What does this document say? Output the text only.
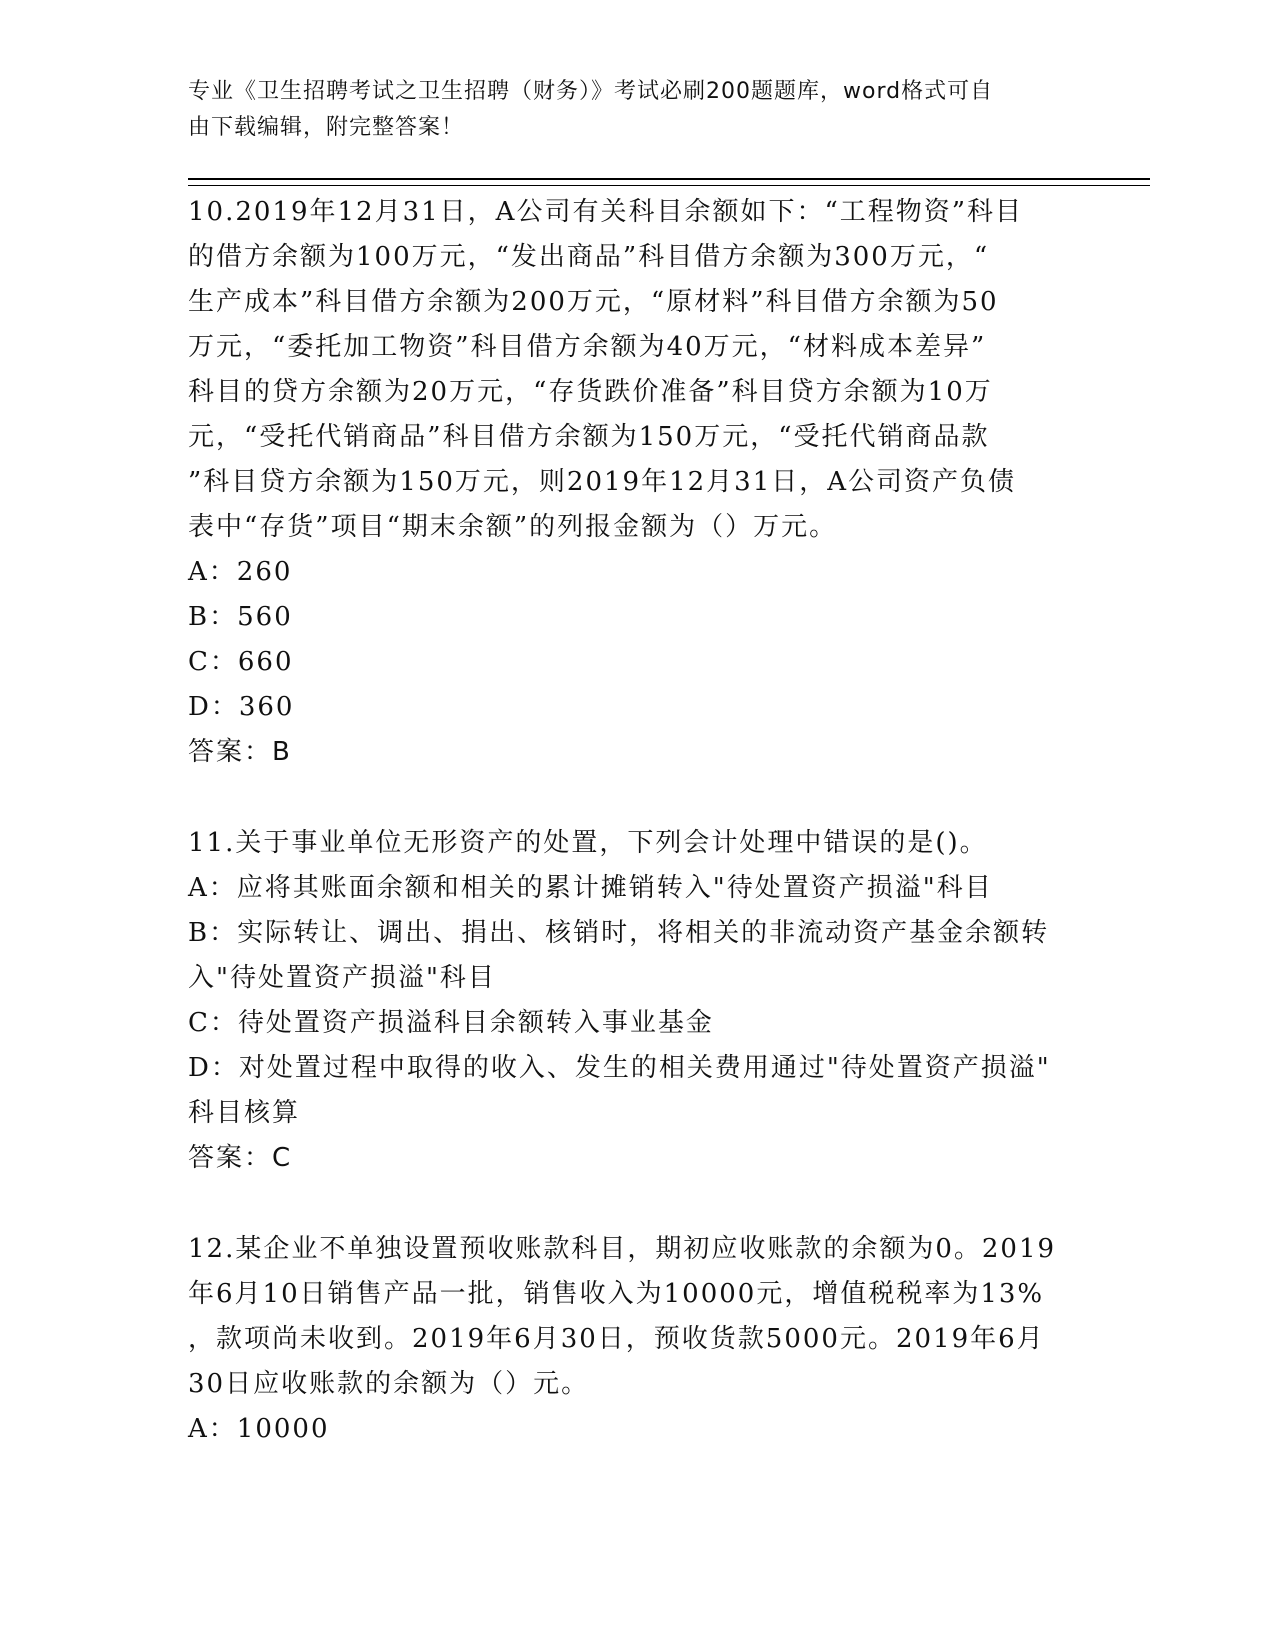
专业《卫生招聘考试之卫生招聘（财务）》考试必刷200题题库，word格式可自
由下载编辑，附完整答案！

10.2019年12月31日，A公司有关科目余额如下：“工程物资”科目
的借方余额为100万元，“发出商品”科目借方余额为300万元，“
生产成本”科目借方余额为200万元，“原材料”科目借方余额为50
万元，“委托加工物资”科目借方余额为40万元，“材料成本差异”
科目的贷方余额为20万元，“存货跌价准备”科目贷方余额为10万
元，“受托代销商品”科目借方余额为150万元，“受托代销商品款
”科目贷方余额为150万元，则2019年12月31日，A公司资产负债
表中“存货”项目“期末余额”的列报金额为（）万元。

A：260

B：560

C：660

D：360

答案：B

11.关于事业单位无形资产的处置，下列会计处理中错误的是()。

A：应将其账面余额和相关的累计摊销转入"待处置资产损溢"科目

B：实际转让、调出、捐出、核销时，将相关的非流动资产基金余额转
入"待处置资产损溢"科目

C：待处置资产损溢科目余额转入事业基金

D：对处置过程中取得的收入、发生的相关费用通过"待处置资产损溢"
科目核算

答案：C

12.某企业不单独设置预收账款科目，期初应收账款的余额为0。2019
年6月10日销售产品一批，销售收入为10000元，增值税税率为13%
，款项尚未收到。2019年6月30日，预收货款5000元。2019年6月
30日应收账款的余额为（）元。

A：10000
